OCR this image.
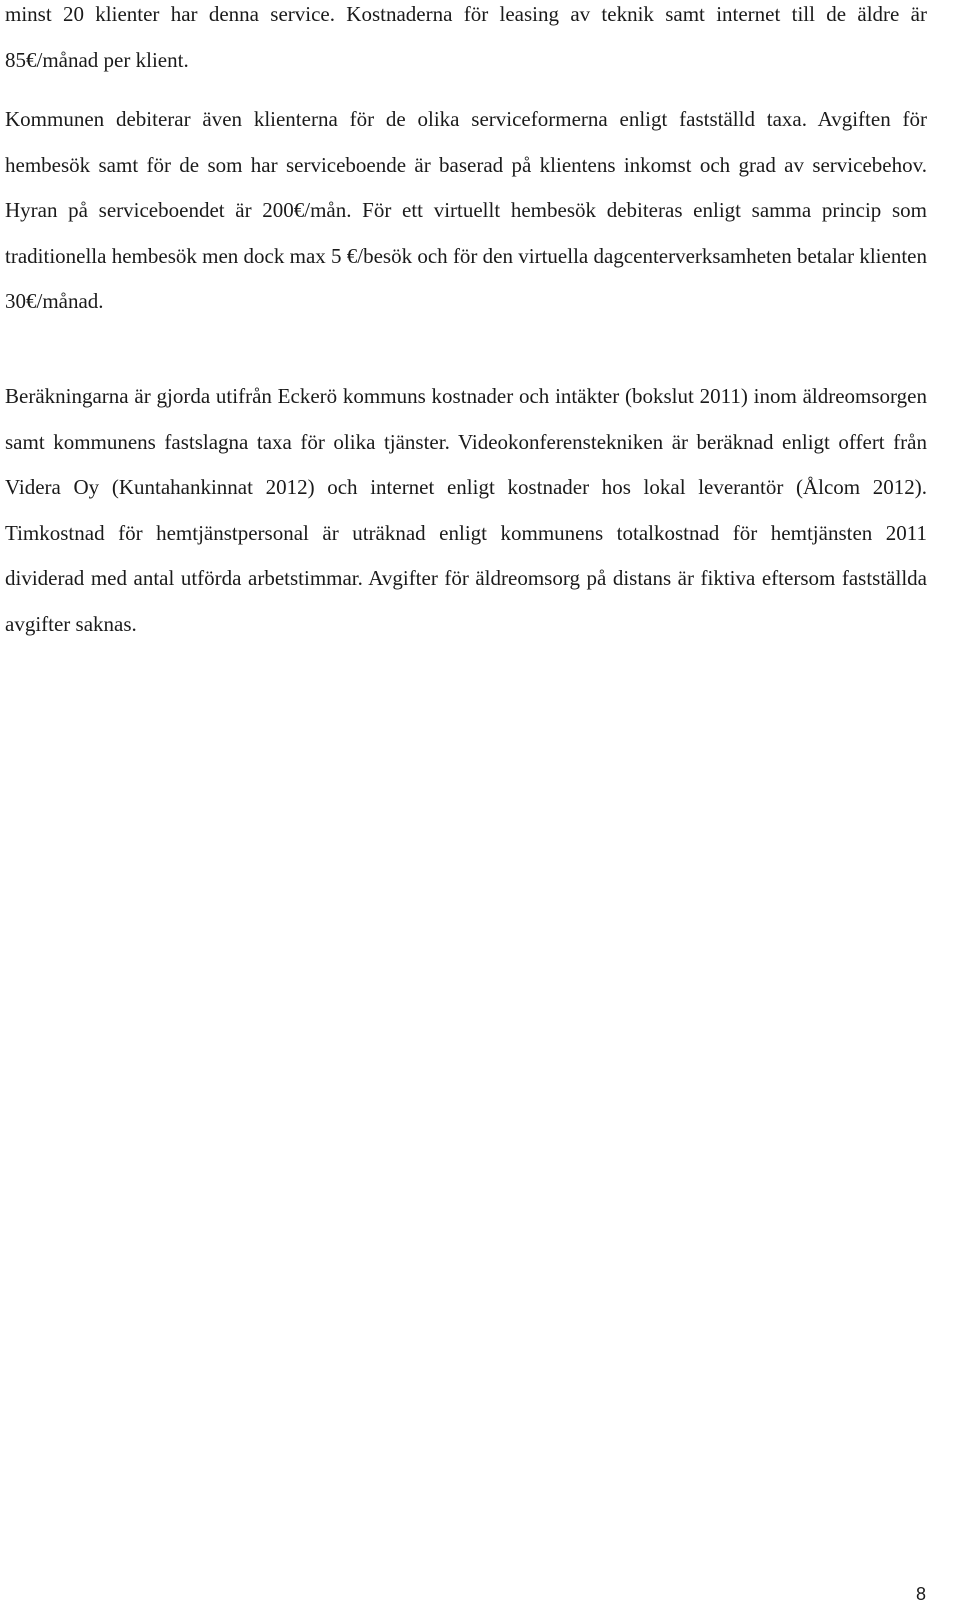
minst 20 klienter har denna service. Kostnaderna för leasing av teknik samt internet till de äldre är 85€/månad per klient.

Kommunen debiterar även klienterna för de olika serviceformerna enligt fastställd taxa. Avgiften för hembesök samt för de som har serviceboende är baserad på klientens inkomst och grad av servicebehov. Hyran på serviceboendet är 200€/mån. För ett virtuellt hembesök debiteras enligt samma princip som traditionella hembesök men dock max 5 €/besök och för den virtuella dagcenterverksamheten betalar klienten 30€/månad.

Beräkningarna är gjorda utifrån Eckerö kommuns kostnader och intäkter (bokslut 2011) inom äldreomsorgen samt kommunens fastslagna taxa för olika tjänster. Videokonferenstekniken är beräknad enligt offert från Videra Oy (Kuntahankinnat 2012) och internet enligt kostnader hos lokal leverantör (Ålcom 2012). Timkostnad för hemtjänstpersonal är uträknad enligt kommunens totalkostnad för hemtjänsten 2011 dividerad med antal utförda arbetstimmar. Avgifter för äldreomsorg på distans är fiktiva eftersom fastställda avgifter saknas.

8
